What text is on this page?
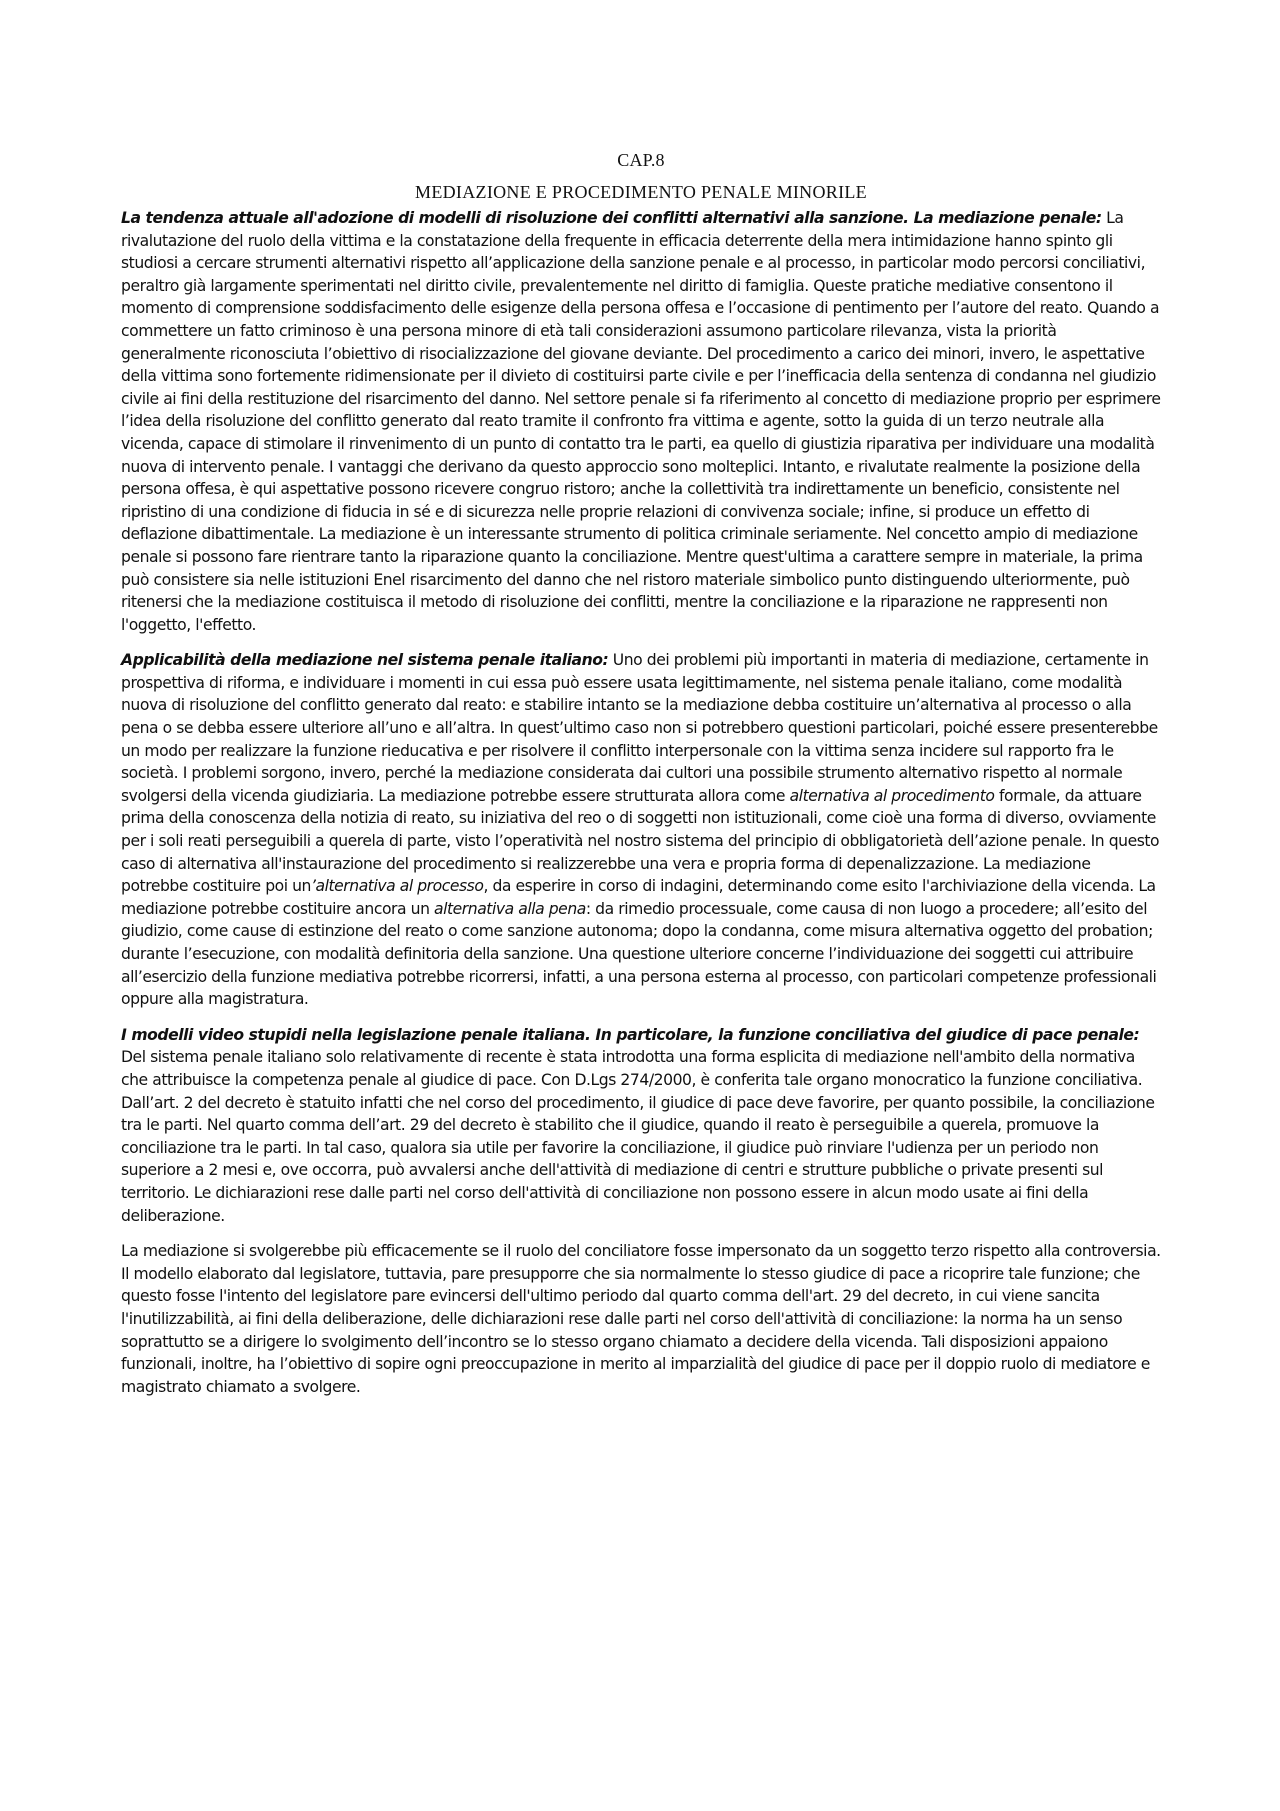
CAP.8
MEDIAZIONE E PROCEDIMENTO PENALE MINORILE

La tendenza attuale all'adozione di modelli di risoluzione dei conflitti alternativi alla sanzione. La mediazione penale: La rivalutazione del ruolo della vittima e la constatazione della frequente in efficacia deterrente della mera intimidazione hanno spinto gli studiosi a cercare strumenti alternativi rispetto all’applicazione della sanzione penale e al processo, in particolar modo percorsi conciliativi, peraltro già largamente sperimentati nel diritto civile, prevalentemente nel diritto di famiglia. Queste pratiche mediative consentono il momento di comprensione soddisfacimento delle esigenze della persona offesa e l’occasione di pentimento per l’autore del reato. Quando a commettere un fatto criminoso è una persona minore di età tali considerazioni assumono particolare rilevanza, vista la priorità generalmente riconosciuta l’obiettivo di risocializzazione del giovane deviante. Del procedimento a carico dei minori, invero, le aspettative della vittima sono fortemente ridimensionate per il divieto di costituirsi parte civile e per l’inefficacia della sentenza di condanna nel giudizio civile ai fini della restituzione del risarcimento del danno. Nel settore penale si fa riferimento al concetto di mediazione proprio per esprimere l’idea della risoluzione del conflitto generato dal reato tramite il confronto fra vittima e agente, sotto la guida di un terzo neutrale alla vicenda, capace di stimolare il rinvenimento di un punto di contatto tra le parti, ea quello di giustizia riparativa per individuare una modalità nuova di intervento penale. I vantaggi che derivano da questo approccio sono molteplici. Intanto, e rivalutate realmente la posizione della persona offesa, è qui aspettative possono ricevere congruo ristoro; anche la collettività tra indirettamente un beneficio, consistente nel ripristino di una condizione di fiducia in sé e di sicurezza nelle proprie relazioni di convivenza sociale; infine, si produce un effetto di deflazione dibattimentale. La mediazione è un interessante strumento di politica criminale seriamente. Nel concetto ampio di mediazione penale si possono fare rientrare tanto la riparazione quanto la conciliazione. Mentre quest'ultima a carattere sempre in materiale, la prima può consistere sia nelle istituzioni Enel risarcimento del danno che nel ristoro materiale simbolico punto distinguendo ulteriormente, può ritenersi che la mediazione costituisca il metodo di risoluzione dei conflitti, mentre la conciliazione e la riparazione ne rappresenti non l'oggetto, l'effetto.

Applicabilità della mediazione nel sistema penale italiano: Uno dei problemi più importanti in materia di mediazione, certamente in prospettiva di riforma, e individuare i momenti in cui essa può essere usata legittimamente, nel sistema penale italiano, come modalità nuova di risoluzione del conflitto generato dal reato: e stabilire intanto se la mediazione debba costituire un’alternativa al processo o alla pena o se debba essere ulteriore all’uno e all’altra. In quest’ultimo caso non si potrebbero questioni particolari, poiché essere presenterebbe un modo per realizzare la funzione rieducativa e per risolvere il conflitto interpersonale con la vittima senza incidere sul rapporto fra le società. I problemi sorgono, invero, perché la mediazione considerata dai cultori una possibile strumento alternativo rispetto al normale svolgersi della vicenda giudiziaria. La mediazione potrebbe essere strutturata allora come alternativa al procedimento formale, da attuare prima della conoscenza della notizia di reato, su iniziativa del reo o di soggetti non istituzionali, come cioè una forma di diverso, ovviamente per i soli reati perseguibili a querela di parte, visto l’operatività nel nostro sistema del principio di obbligatorietà dell’azione penale. In questo caso di alternativa all'instaurazione del procedimento si realizzerebbe una vera e propria forma di depenalizzazione. La mediazione potrebbe costituire poi un’alternativa al processo, da esperire in corso di indagini, determinando come esito l'archiviazione della vicenda. La mediazione potrebbe costituire ancora un alternativa alla pena: da rimedio processuale, come causa di non luogo a procedere; all’esito del giudizio, come cause di estinzione del reato o come sanzione autonoma; dopo la condanna, come misura alternativa oggetto del probation; durante l’esecuzione, con modalità definitoria della sanzione. Una questione ulteriore concerne l’individuazione dei soggetti cui attribuire all’esercizio della funzione mediativa potrebbe ricorrersi, infatti, a una persona esterna al processo, con particolari competenze professionali oppure alla magistratura.

I modelli video stupidi nella legislazione penale italiana. In particolare, la funzione conciliativa del giudice di pace penale: Del sistema penale italiano solo relativamente di recente è stata introdotta una forma esplicita di mediazione nell'ambito della normativa che attribuisce la competenza penale al giudice di pace. Con D.Lgs 274/2000, è conferita tale organo monocratico la funzione conciliativa. Dall’art. 2 del decreto è statuito infatti che nel corso del procedimento, il giudice di pace deve favorire, per quanto possibile, la conciliazione tra le parti. Nel quarto comma dell’art. 29 del decreto è stabilito che il giudice, quando il reato è perseguibile a querela, promuove la conciliazione tra le parti. In tal caso, qualora sia utile per favorire la conciliazione, il giudice può rinviare l'udienza per un periodo non superiore a 2 mesi e, ove occorra, può avvalersi anche dell'attività di mediazione di centri e strutture pubbliche o private presenti sul territorio. Le dichiarazioni rese dalle parti nel corso dell'attività di conciliazione non possono essere in alcun modo usate ai fini della deliberazione.

La mediazione si svolgerebbe più efficacemente se il ruolo del conciliatore fosse impersonato da un soggetto terzo rispetto alla controversia. Il modello elaborato dal legislatore, tuttavia, pare presupporre che sia normalmente lo stesso giudice di pace a ricoprire tale funzione; che questo fosse l'intento del legislatore pare evincersi dell'ultimo periodo dal quarto comma dell'art. 29 del decreto, in cui viene sancita l'inutilizzabilità, ai fini della deliberazione, delle dichiarazioni rese dalle parti nel corso dell'attività di conciliazione: la norma ha un senso soprattutto se a dirigere lo svolgimento dell’incontro se lo stesso organo chiamato a decidere della vicenda. Tali disposizioni appaiono funzionali, inoltre, ha l’obiettivo di sopire ogni preoccupazione in merito al imparzialità del giudice di pace per il doppio ruolo di mediatore e magistrato chiamato a svolgere.
